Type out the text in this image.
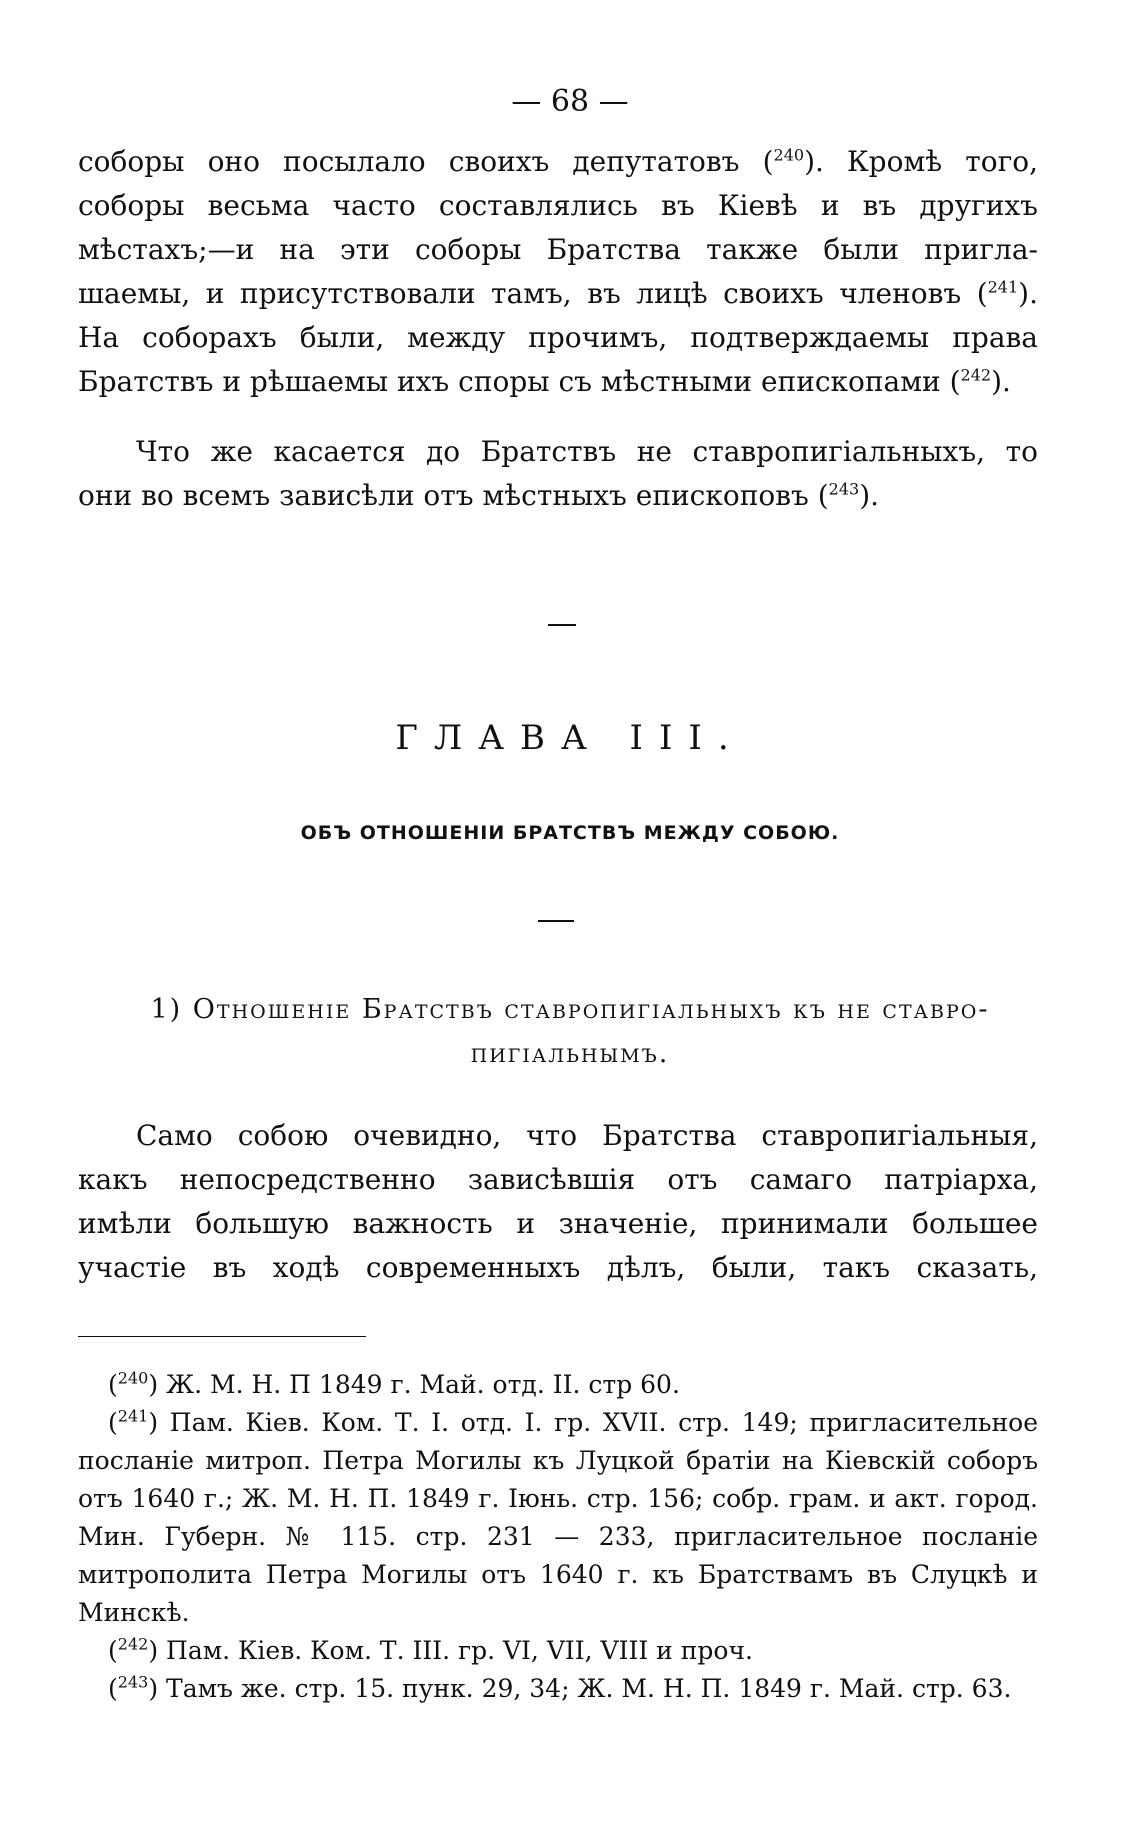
— 68 —

соборы оно посылало своихъ депутатовъ ($^{240}$). Кромѣ того,

соборы весьма часто составлялись въ Кіевѣ и въ другихъ

мѣстахъ;—и на эти соборы Братства также были пригла-

шаемы, и присутствовали тамъ, въ лицѣ своихъ членовъ ($^{241}$).

На соборахъ были, между прочимъ, подтверждаемы права

Братствъ и рѣшаемы ихъ споры съ мѣстными епископами ($^{242}$).

Что же касается до Братствъ не ставропигіальныхъ, то

они во всемъ зависѣли отъ мѣстныхъ епископовъ ($^{243}$).

ГЛАВА III.
ОБЪ ОТНОШЕНІИ БРАТСТВЪ МЕЖДУ СОБОЮ.
1) Отношеніе Братствъ ставропигіальныхъ къ не ставро-
пигіальнымъ.

Само собою очевидно, что Братства ставропигіальныя,

какъ непосредственно зависѣвшія отъ самаго патріарха,

имѣли большую важность и значеніе, принимали большее

участіе въ ходѣ современныхъ дѣлъ, были, такъ сказать,

($^{240}$) Ж. М. Н. П 1849 г. Май. отд. II. стр 60.

($^{241}$) Пам. Кіев. Ком. Т. I. отд. I. гр. XVII. стр. 149; пригласительное посланіе митроп. Петра Могилы къ Луцкой братіи на Кіевскій соборъ отъ 1640 г.; Ж. М. Н. П. 1849 г. Іюнь. стр. 156; собр. грам. и акт. город. Мин. Губерн. № 115. стр. 231 — 233, пригласительное посланіе митрополита Петра Могилы отъ 1640 г. къ Братствамъ въ Слуцкѣ и Минскѣ.

($^{242}$) Пам. Кіев. Ком. Т. III. гр. VI, VII, VIII и проч.

($^{243}$) Тамъ же. стр. 15. пунк. 29, 34; Ж. М. Н. П. 1849 г. Май. стр. 63.
